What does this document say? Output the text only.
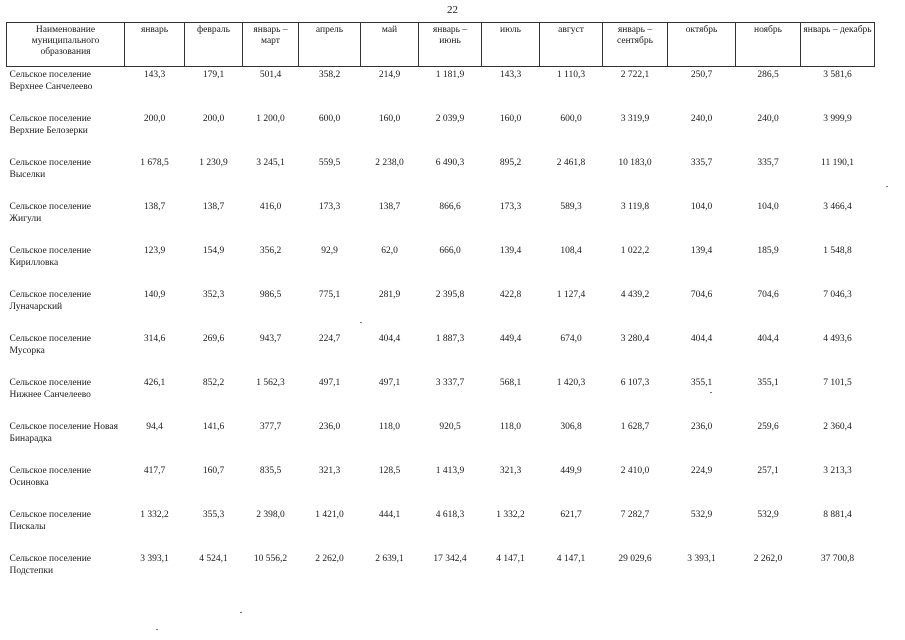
22
Наименование муниципального образования	январь	февраль	январь – март	апрель	май	январь – июнь	июль	август	январь – сентябрь	октябрь	ноябрь	январь – декабрь
Сельское поселение Верхнее Санчелеево	143,3	179,1	501,4	358,2	214,9	1 181,9	143,3	1 110,3	2 722,1	250,7	286,5	3 581,6
Сельское поселение Верхние Белозерки	200,0	200,0	1 200,0	600,0	160,0	2 039,9	160,0	600,0	3 319,9	240,0	240,0	3 999,9
Сельское поселение Выселки	1 678,5	1 230,9	3 245,1	559,5	2 238,0	6 490,3	895,2	2 461,8	10 183,0	335,7	335,7	11 190,1
Сельское поселение Жигули	138,7	138,7	416,0	173,3	138,7	866,6	173,3	589,3	3 119,8	104,0	104,0	3 466,4
Сельское поселение Кирилловка	123,9	154,9	356,2	92,9	62,0	666,0	139,4	108,4	1 022,2	139,4	185,9	1 548,8
Сельское поселение Луначарский	140,9	352,3	986,5	775,1	281,9	2 395,8	422,8	1 127,4	4 439,2	704,6	704,6	7 046,3
Сельское поселение Мусорка	314,6	269,6	943,7	224,7	404,4	1 887,3	449,4	674,0	3 280,4	404,4	404,4	4 493,6
Сельское поселение Нижнее Санчелеево	426,1	852,2	1 562,3	497,1	497,1	3 337,7	568,1	1 420,3	6 107,3	355,1	355,1	7 101,5
Сельское поселение Новая Бинарадка	94,4	141,6	377,7	236,0	118,0	920,5	118,0	306,8	1 628,7	236,0	259,6	2 360,4
Сельское поселение Осиновка	417,7	160,7	835,5	321,3	128,5	1 413,9	321,3	449,9	2 410,0	224,9	257,1	3 213,3
Сельское поселение Пискалы	1 332,2	355,3	2 398,0	1 421,0	444,1	4 618,3	1 332,2	621,7	7 282,7	532,9	532,9	8 881,4
Сельское поселение Подстепки	3 393,1	4 524,1	10 556,2	2 262,0	2 639,1	17 342,4	4 147,1	4 147,1	29 029,6	3 393,1	2 262,0	37 700,8
